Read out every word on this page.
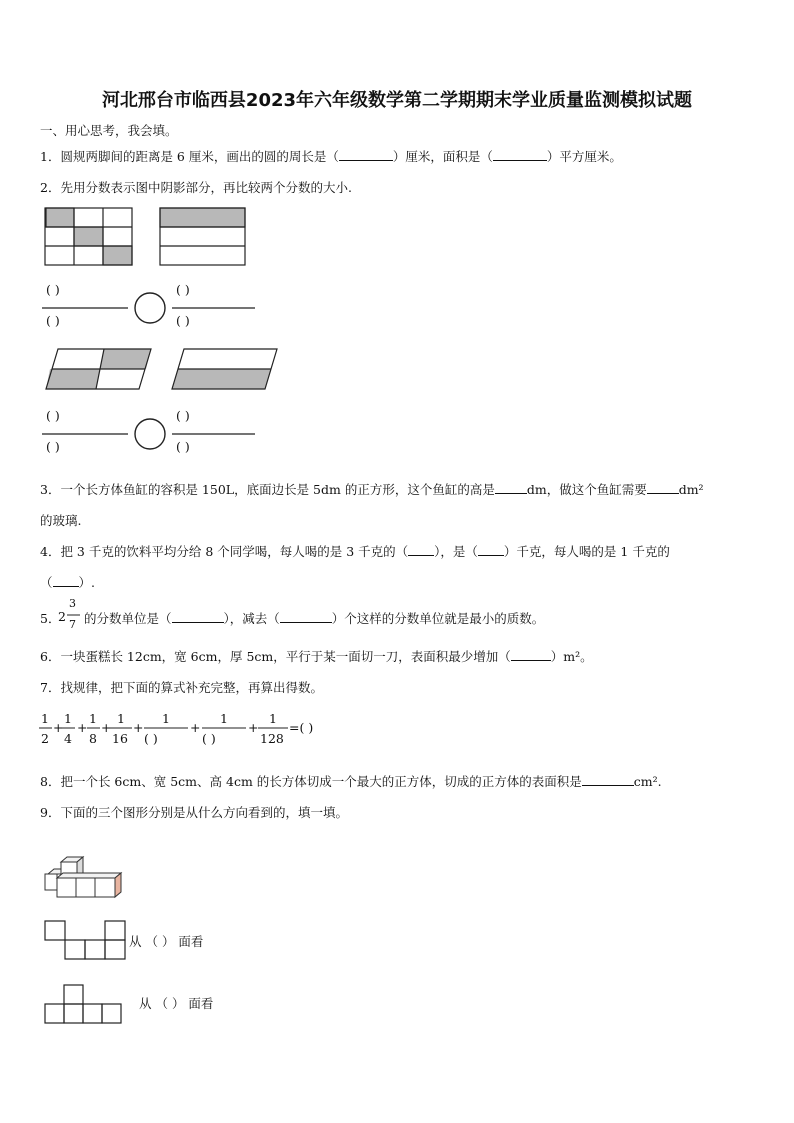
河北邢台市临西县2023年六年级数学第二学期期末学业质量监测模拟试题
一、用心思考，我会填。
1．圆规两脚间的距离是 6 厘米，画出的圆的周长是（	）厘米，面积是（	）平方厘米。
2．先用分数表示图中阴影部分，再比较两个分数的大小.
( )
( )
( )
( )
( )
( )
( )
( )
3．一个长方体鱼缸的容积是 150L，底面边长是 5dm 的正方形，这个鱼缸的高是	dm，做这个鱼缸需要	dm²
的玻璃.
4．把 3 千克的饮料平均分给 8 个同学喝，每人喝的是 3 千克的（ ），是（ ）千克，每人喝的是 1 千克的
（ ）.
5．
2
3
7 的分数单位是（	），减去（	）个这样的分数单位就是最小的质数。
6．一块蛋糕长 12cm，宽 6cm，厚 5cm，平行于某一面切一刀，表面积最少增加（	）m²。
7．找规律，把下面的算式补充完整，再算出得数。
1
2
+
1
4
+
1
8
+
1
16
+
1
( )
+
1
( )
+
1
128
=( )
8．把一个长 6cm、宽 5cm、高 4cm 的长方体切成一个最大的正方体，切成的正方体的表面积是	cm².
9．下面的三个图形分别是从什么方向看到的，填一填。
从 （ ） 面看
从 （ ） 面看
